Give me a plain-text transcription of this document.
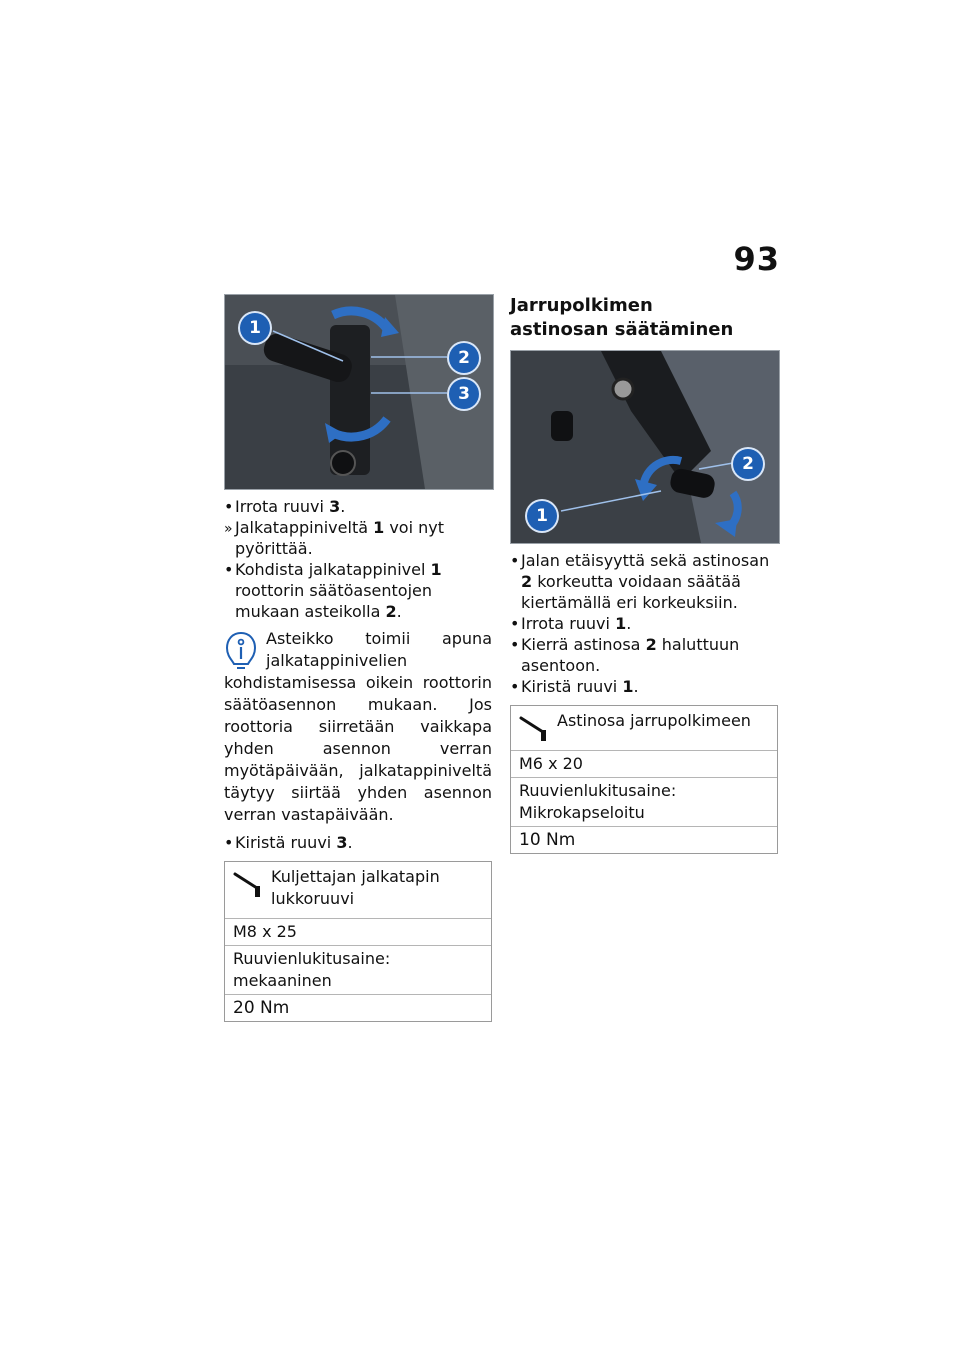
93
1
2
3
•
Irrota ruuvi 3.
»
Jalkatappiniveltä 1 voi nyt pyörittää.
•
Kohdista jalkatappinivel 1 roottorin säätöasentojen mukaan asteikolla 2.
Asteikko toimii apuna jalkatappinivelien kohdistamisessa oikein roottorin säätöasennon mukaan. Jos roottoria siirretään vaikkapa yhden asennon verran myötäpäivään, jalkatappiniveltä täytyy siirtää yhden asennon verran vastapäivään.
•
Kiristä ruuvi 3.
Kuljettajan jalkatapin lukkoruuvi
M8 x 25
Ruuvienlukitusaine: mekaaninen
20 Nm
Jarrupolkimen astinosan säätäminen
1
2
•
Jalan etäisyyttä sekä astinosan 2 korkeutta voidaan säätää kiertämällä eri korkeuksiin.
•
Irrota ruuvi 1.
•
Kierrä astinosa 2 haluttuun asentoon.
•
Kiristä ruuvi 1.
Astinosa jarrupolkimeen
M6 x 20
Ruuvienlukitusaine: Mikrokapseloitu
10 Nm
